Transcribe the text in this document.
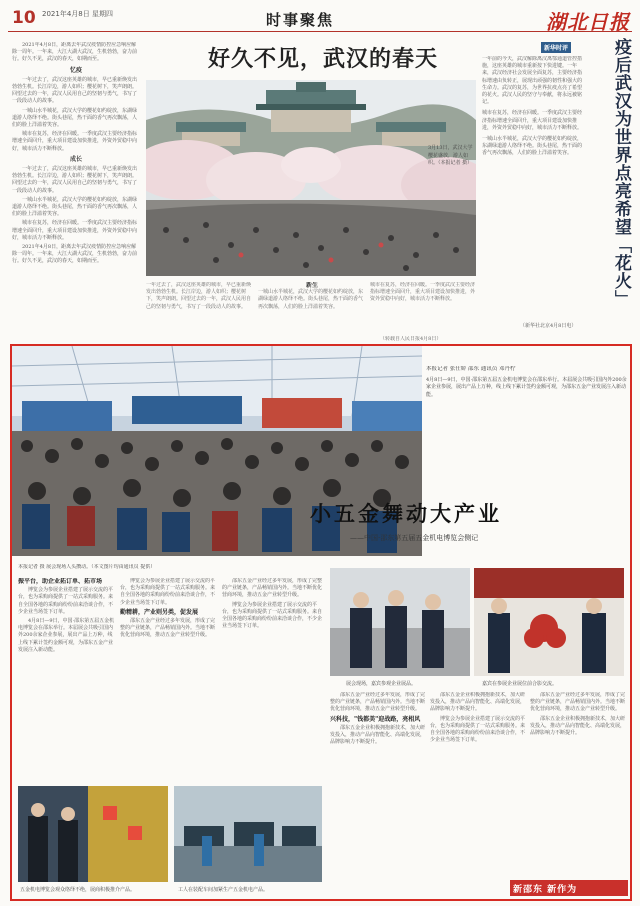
10 2021年4月8日 星期四	时事聚焦	湖北日报
好久不见，武汉的春天

2021年4月8日，距离去年武汉疫情防控应急响应解除一周年。一年来，大江大湖大武汉，生机勃勃，奋力前行。好久不见，武汉的春天，如期而至。

忆疫

一年过去了，武汉这座英雄的城市，早已重新焕发出勃勃生机。长江岸边，游人如织；樱花树下，笑声朗朗。回望过去的一年，武汉人民用自己的坚韧与勇气，书写了一段段动人的故事。

一城山水半城花，武汉大学的樱花如约绽放，东湖绿道游人络绎不绝。街头巷尾，热干面的香气再次飘荡，人们的脸上洋溢着笑容。

城市在复苏，经济在回暖。一季度武汉主要经济指标增速全面回升，重大项目建设加快推进，外资外贸稳中向好，城市活力不断释放。

成长

一年过去了，武汉这座英雄的城市，早已重新焕发出勃勃生机。长江岸边，游人如织；樱花树下，笑声朗朗。回望过去的一年，武汉人民用自己的坚韧与勇气，书写了一段段动人的故事。

一城山水半城花，武汉大学的樱花如约绽放，东湖绿道游人络绎不绝。街头巷尾，热干面的香气再次飘荡，人们的脸上洋溢着笑容。

城市在复苏，经济在回暖。一季度武汉主要经济指标增速全面回升，重大项目建设加快推进，外资外贸稳中向好，城市活力不断释放。

2021年4月8日，距离去年武汉疫情防控应急响应解除一周年。一年来，大江大湖大武汉，生机勃勃，奋力前行。好久不见，武汉的春天，如期而至。

3月13日，武汉大学樱花盛放，游人如织。（本报记者 摄）
一年过去了，武汉这座英雄的城市，早已重新焕发出勃勃生机。长江岸边，游人如织；樱花树下，笑声朗朗。回望过去的一年，武汉人民用自己的坚韧与勇气，书写了一段段动人的故事。
新生
一城山水半城花，武汉大学的樱花如约绽放，东湖绿道游人络绎不绝。街头巷尾，热干面的香气再次飘荡，人们的脸上洋溢着笑容。
城市在复苏，经济在回暖。一季度武汉主要经济指标增速全面回升，重大项目建设加快推进，外资外贸稳中向好，城市活力不断释放。
新华时评	疫后武汉为世界点亮希望「花火」
一年前的今天，武汉解除离汉离鄂通道管控措施，这座英雄的城市重新按下快进键。一年来，武汉经济社会发展全面复苏，主要经济指标增速由负转正，展现出顽强的韧性和强大的生命力。武汉的复苏，为世界抗疫点亮了希望的花火。武汉人民的坚守与奉献，将永远被铭记。
城市在复苏，经济在回暖。一季度武汉主要经济指标增速全面回升，重大项目建设加快推进，外资外贸稳中向好，城市活力不断释放。
一城山水半城花，武汉大学的樱花如约绽放，东湖绿道游人络绎不绝。街头巷尾，热干面的香气再次飘荡，人们的脸上洋溢着笑容。
（新华社北京4月8日电）
（转载自人民日报4月8日）
本报记者 张仕娇 邵东 通讯员 邓丹柠
4月8日—9日，中国·邵东第五届五金机电博览会在邵东举行。本届展会共吸引国内外200余家企业参展，展出产品上万种，线上线下累计签约金额可观，为邵东五金产业发展注入新动能。
本报记者 摄 展会现场人头攒动。（本文图片均由通讯员 提供）

振平台，助企业拓订单、拓市场

博览会为参展企业搭建了展示交流的平台，也为采购商提供了一站式采购服务。来自全国各地的采购商纷纷前来洽谈合作，不少企业当场签下订单。

4月8日—9日，中国·邵东第五届五金机电博览会在邵东举行。本届展会共吸引国内外200余家企业参展，展出产品上万种，线上线下累计签约金额可观，为邵东五金产业发展注入新动能。

博览会为参展企业搭建了展示交流的平台，也为采购商提供了一站式采购服务。来自全国各地的采购商纷纷前来洽谈合作，不少企业当场签下订单。

勤精耕，产业则另类，促发展

邵东五金产业经过多年发展，形成了完整的产业链条，产品畅销国内外。当地不断优化营商环境，推动五金产业转型升级。

邵东五金产业经过多年发展，形成了完整的产业链条，产品畅销国内外。当地不断优化营商环境，推动五金产业转型升级。

博览会为参展企业搭建了展示交流的平台，也为采购商提供了一站式采购服务。来自全国各地的采购商纷纷前来洽谈合作，不少企业当场签下订单。

展会现场，嘉宾参观企业展品。	嘉宾在参展企业展位前合影交流。

邵东五金产业经过多年发展，形成了完整的产业链条，产品畅销国内外。当地不断优化营商环境，推动五金产业转型升级。

兴科技，"钱都美"迎战路，亮相风

邵东五金企业积极拥抱新技术，加大研发投入，推动产品向智能化、高端化发展，品牌影响力不断提升。

邵东五金企业积极拥抱新技术，加大研发投入，推动产品向智能化、高端化发展，品牌影响力不断提升。

博览会为参展企业搭建了展示交流的平台，也为采购商提供了一站式采购服务。来自全国各地的采购商纷纷前来洽谈合作，不少企业当场签下订单。

邵东五金产业经过多年发展，形成了完整的产业链条，产品畅销国内外。当地不断优化营商环境，推动五金产业转型升级。

邵东五金企业积极拥抱新技术，加大研发投入，推动产品向智能化、高端化发展，品牌影响力不断提升。

五金机电博览会观众络绎不绝，展商积极推介产品。	工人在装配车间加紧生产五金机电产品。
小五金舞动大产业
——中国·邵东第五届五金机电博览会侧记
新邵东 新作为
